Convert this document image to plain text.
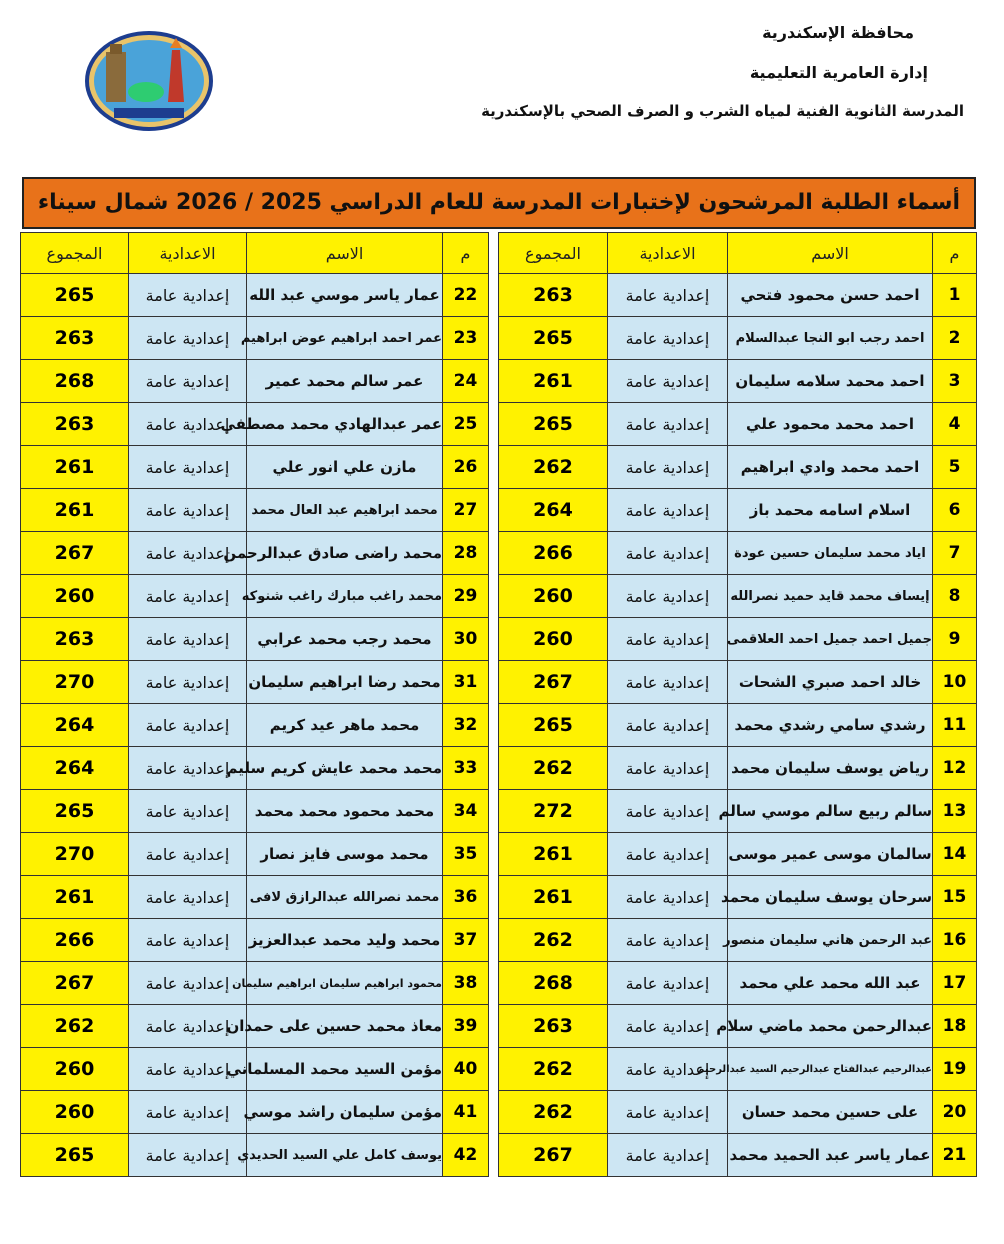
محافظة الإسكندرية
إدارة العامرية التعليمية
المدرسة الثانوية الفنية لمياه الشرب و الصرف الصحي بالإسكندرية
أسماء الطلبة المرشحون لإختبارات المدرسة للعام الدراسي 2025 / 2026 شمال سيناء
م	الاسم	الاعدادية	المجموع
1	احمد حسن محمود فتحي	إعدادية عامة	263
2	احمد رجب ابو النجا عبدالسلام	إعدادية عامة	265
3	احمد محمد سلامه سليمان	إعدادية عامة	261
4	احمد محمد محمود علي	إعدادية عامة	265
5	احمد محمد وادي ابراهيم	إعدادية عامة	262
6	اسلام اسامه محمد باز	إعدادية عامة	264
7	اياد محمد سليمان حسين عودة	إعدادية عامة	266
8	إيساف محمد قايد حميد نصرالله	إعدادية عامة	260
9	جميل احمد جميل احمد العلاقمى	إعدادية عامة	260
10	خالد احمد صبري الشحات	إعدادية عامة	267
11	رشدي سامي رشدي محمد	إعدادية عامة	265
12	رياض يوسف سليمان محمد	إعدادية عامة	262
13	سالم ربيع سالم موسي سالم	إعدادية عامة	272
14	سالمان موسى عمير موسى	إعدادية عامة	261
15	سرحان يوسف سليمان محمد	إعدادية عامة	261
16	عبد الرحمن هاني سليمان منصور	إعدادية عامة	262
17	عبد الله محمد علي محمد	إعدادية عامة	268
18	عبدالرحمن محمد ماضي سلام	إعدادية عامة	263
19	عبدالرحيم عبدالفتاح عبدالرحيم السيد عبدالرحيم	إعدادية عامة	262
20	على حسين محمد حسان	إعدادية عامة	262
21	عمار ياسر عبد الحميد محمد	إعدادية عامة	267
م	الاسم	الاعدادية	المجموع
22	عمار ياسر موسي عبد الله	إعدادية عامة	265
23	عمر احمد ابراهيم عوض ابراهيم	إعدادية عامة	263
24	عمر سالم محمد عمير	إعدادية عامة	268
25	عمر عبدالهادي محمد مصطفي	إعدادية عامة	263
26	مازن علي انور علي	إعدادية عامة	261
27	محمد ابراهيم عبد العال محمد	إعدادية عامة	261
28	محمد راضى صادق عبدالرحمن	إعدادية عامة	267
29	محمد راغب مبارك راغب شنوكه	إعدادية عامة	260
30	محمد رجب محمد عرابي	إعدادية عامة	263
31	محمد رضا ابراهيم سليمان	إعدادية عامة	270
32	محمد ماهر عيد كريم	إعدادية عامة	264
33	محمد محمد عايش كريم سليم	إعدادية عامة	264
34	محمد محمود محمد محمد	إعدادية عامة	265
35	محمد موسى فايز نصار	إعدادية عامة	270
36	محمد نصرالله عبدالرازق لافى	إعدادية عامة	261
37	محمد وليد محمد عبدالعزيز	إعدادية عامة	266
38	محمود ابراهيم سليمان ابراهيم سليمان	إعدادية عامة	267
39	معاذ محمد حسين على حمدان	إعدادية عامة	262
40	مؤمن السيد محمد المسلماني	إعدادية عامة	260
41	مؤمن سليمان راشد موسي	إعدادية عامة	260
42	يوسف كامل علي السيد الحديدي	إعدادية عامة	265
